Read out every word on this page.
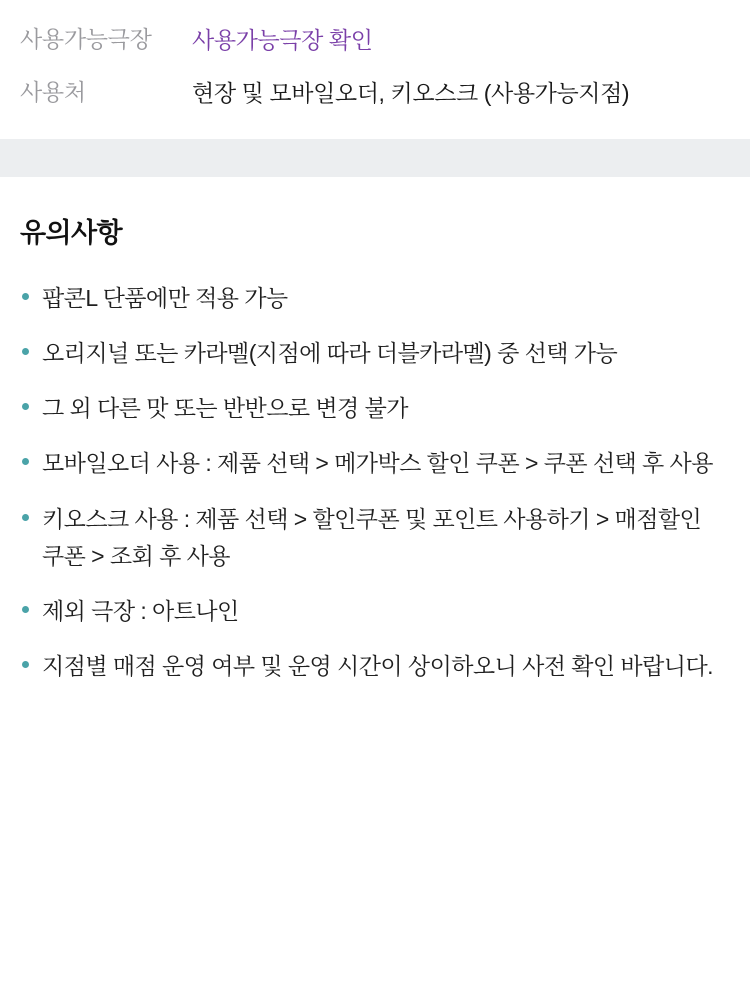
사용가능극장	사용가능극장 확인
사용처	현장 및 모바일오더, 키오스크 (사용가능지점)
유의사항
팝콘L 단품에만 적용 가능
오리지널 또는 카라멜(지점에 따라 더블카라멜) 중 선택 가능
그 외 다른 맛 또는 반반으로 변경 불가
모바일오더 사용 : 제품 선택 > 메가박스 할인 쿠폰 > 쿠폰 선택 후 사용
키오스크 사용 : 제품 선택 > 할인쿠폰 및 포인트 사용하기 > 매점할인 쿠폰 > 조회 후 사용
제외 극장 : 아트나인
지점별 매점 운영 여부 및 운영 시간이 상이하오니 사전 확인 바랍니다.
